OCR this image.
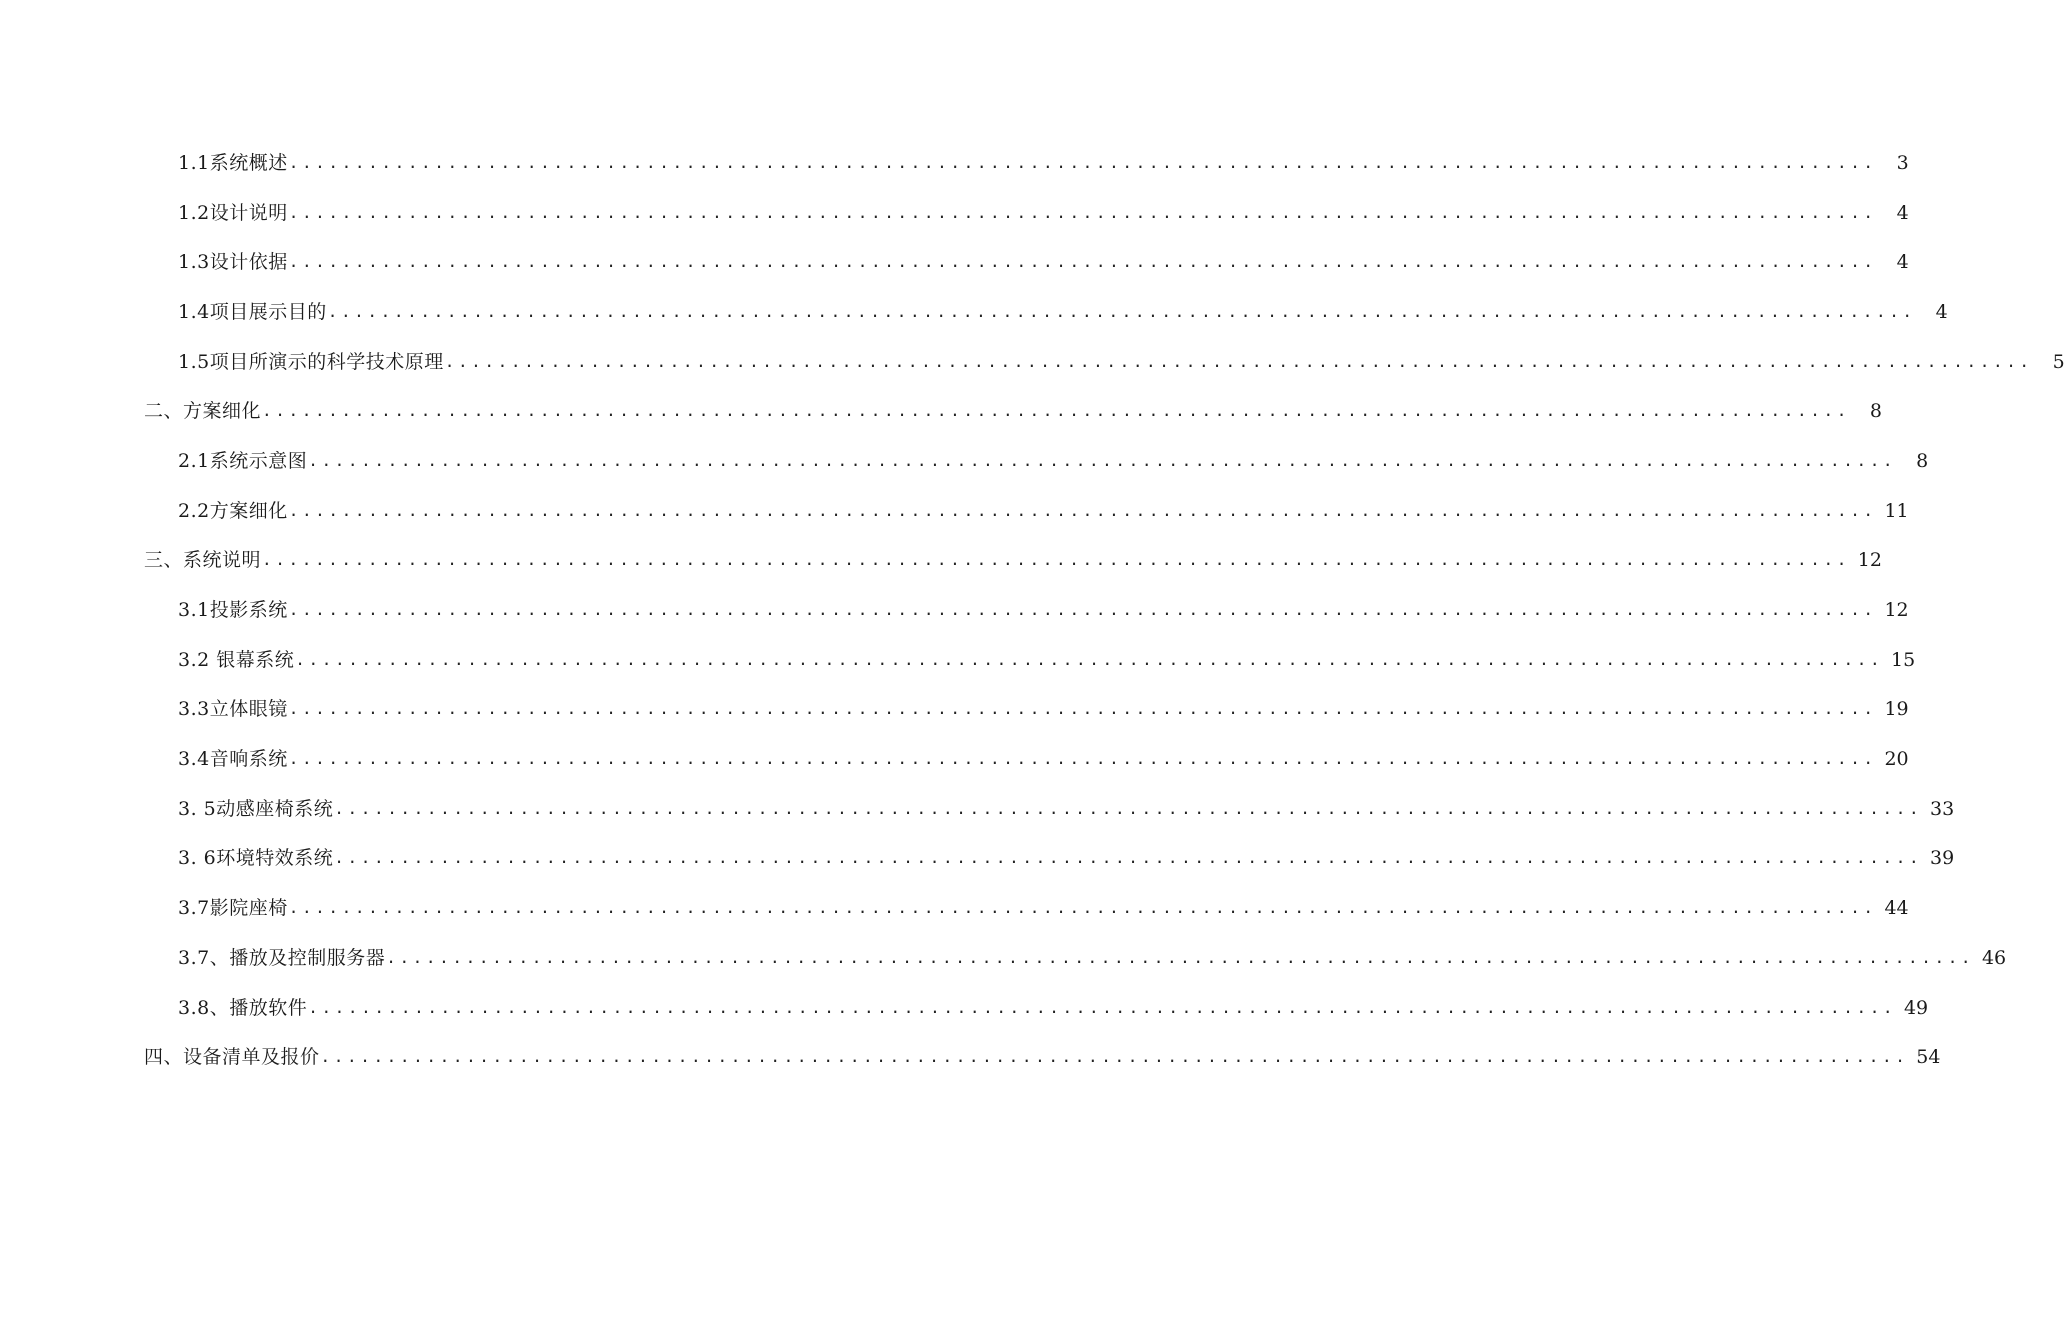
1.1系统概述 ........................................................................................................................	3
1.2设计说明 ........................................................................................................................	4
1.3设计依据 ........................................................................................................................	4
1.4项目展示目的 ........................................................................................................................	4
1.5项目所演示的科学技术原理 ........................................................................................................................	5
二、方案细化 ........................................................................................................................	8
2.1系统示意图 ........................................................................................................................	8
2.2方案细化 ........................................................................................................................ 11
三、系统说明 ........................................................................................................................ 12
3.1投影系统 ........................................................................................................................ 12
3.2 银幕系统 ........................................................................................................................ 15
3.3立体眼镜 ........................................................................................................................ 19
3.4音响系统 ........................................................................................................................ 20
3. 5动感座椅系统 ........................................................................................................................ 33
3. 6环境特效系统 ........................................................................................................................ 39
3.7影院座椅 ........................................................................................................................ 44
3.7、播放及控制服务器 ........................................................................................................................ 46
3.8、播放软件 ........................................................................................................................ 49
四、设备清单及报价 ........................................................................................................................ 54
